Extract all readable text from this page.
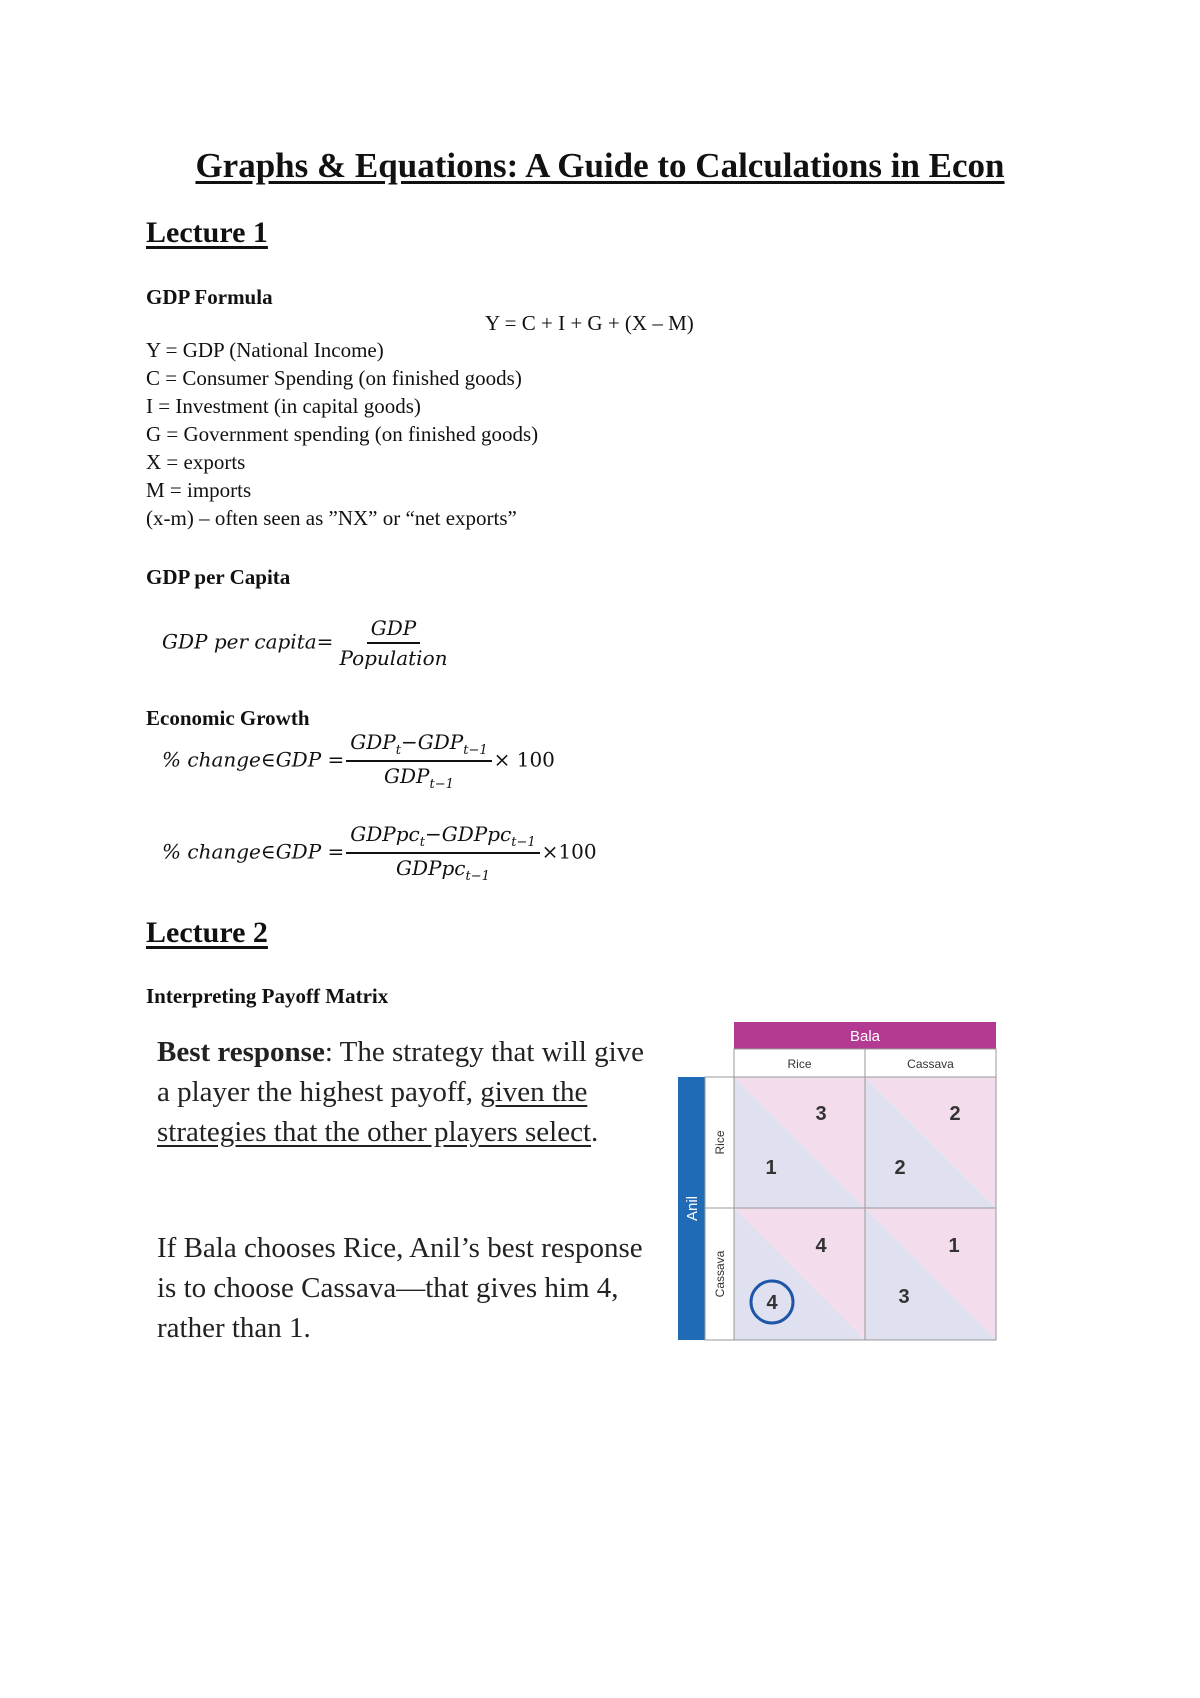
Graphs & Equations: A Guide to Calculations in Econ
Lecture 1
GDP Formula
Y = C + I + G + (X – M)
Y = GDP (National Income)
C = Consumer Spending (on finished goods)
I = Investment (in capital goods)
G = Government spending (on finished goods)
X = exports
M = imports
(x-m) – often seen as ”NX” or “net exports”
GDP per Capita
GDP per capita= $\frac{\text{GDP}}{\text{Population}}$
Economic Growth
% change∈GDP = $\frac{GDP_t-GDP_{t-1}}{GDP_{t-1}} \times 100$
% change∈GDP = $\frac{GDPpc_t-GDPpc_{t-1}}{GDPpc_{t-1}} \times 100$
Lecture 2
Interpreting Payoff Matrix
Best response: The strategy that will give a player the highest payoff, given the strategies that the other players select.
If Bala chooses Rice, Anil’s best response is to choose Cassava—that gives him 4, rather than 1.
Bala
Rice	Cassava
Anil
Rice
Cassava
3
1
2
2
4
4
1
3
